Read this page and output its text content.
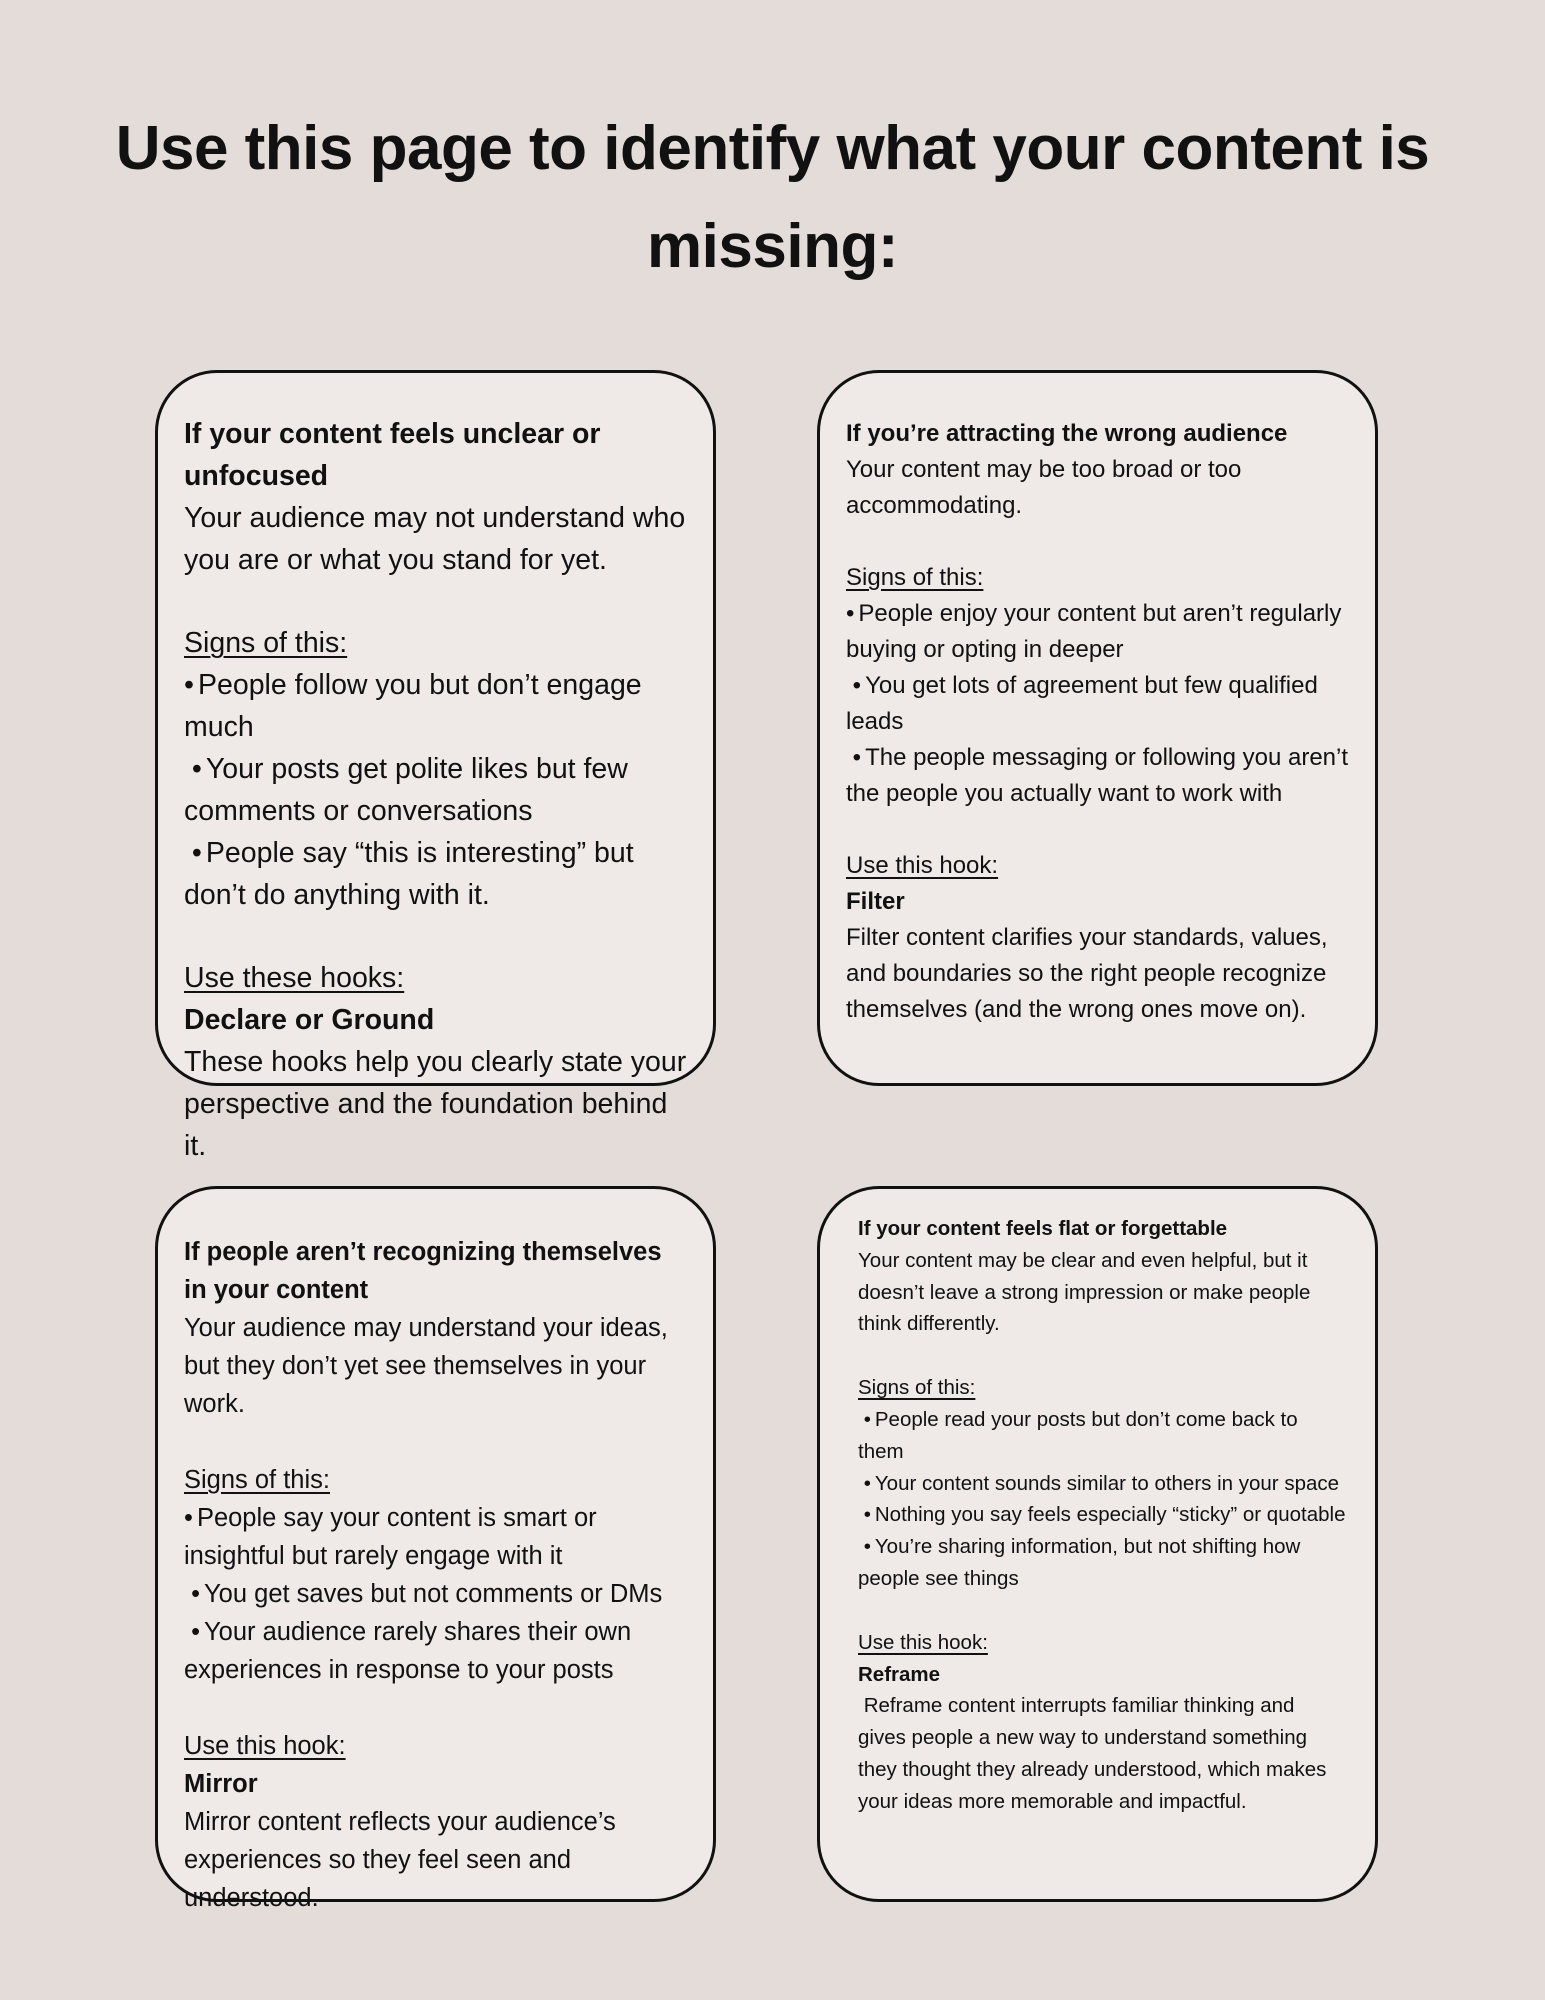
Use this page to identify what your content is missing:

If your content feels unclear or unfocused

Your audience may not understand who you are or what you stand for yet.

Signs of this:

• People follow you but don’t engage much
• Your posts get polite likes but few comments or conversations
• People say “this is interesting” but don’t do anything with it.

Use these hooks:

Declare or Ground

These hooks help you clearly state your perspective and the foundation behind it.

If you’re attracting the wrong audience

Your content may be too broad or too accommodating.

Signs of this:

• People enjoy your content but aren’t regularly buying or opting in deeper
• You get lots of agreement but few qualified leads
• The people messaging or following you aren’t the people you actually want to work with

Use this hook:

Filter

Filter content clarifies your standards, values, and boundaries so the right people recognize themselves (and the wrong ones move on).

If people aren’t recognizing themselves in your content

Your audience may understand your ideas, but they don’t yet see themselves in your work.

Signs of this:

• People say your content is smart or insightful but rarely engage with it
• You get saves but not comments or DMs
• Your audience rarely shares their own experiences in response to your posts

Use this hook:

Mirror

Mirror content reflects your audience’s experiences so they feel seen and understood.

If your content feels flat or forgettable

Your content may be clear and even helpful, but it doesn’t leave a strong impression or make people think differently.

Signs of this:

• People read your posts but don’t come back to them
• Your content sounds similar to others in your space
• Nothing you say feels especially “sticky” or quotable
• You’re sharing information, but not shifting how people see things

Use this hook:

Reframe

Reframe content interrupts familiar thinking and gives people a new way to understand something they thought they already understood, which makes your ideas more memorable and impactful.
